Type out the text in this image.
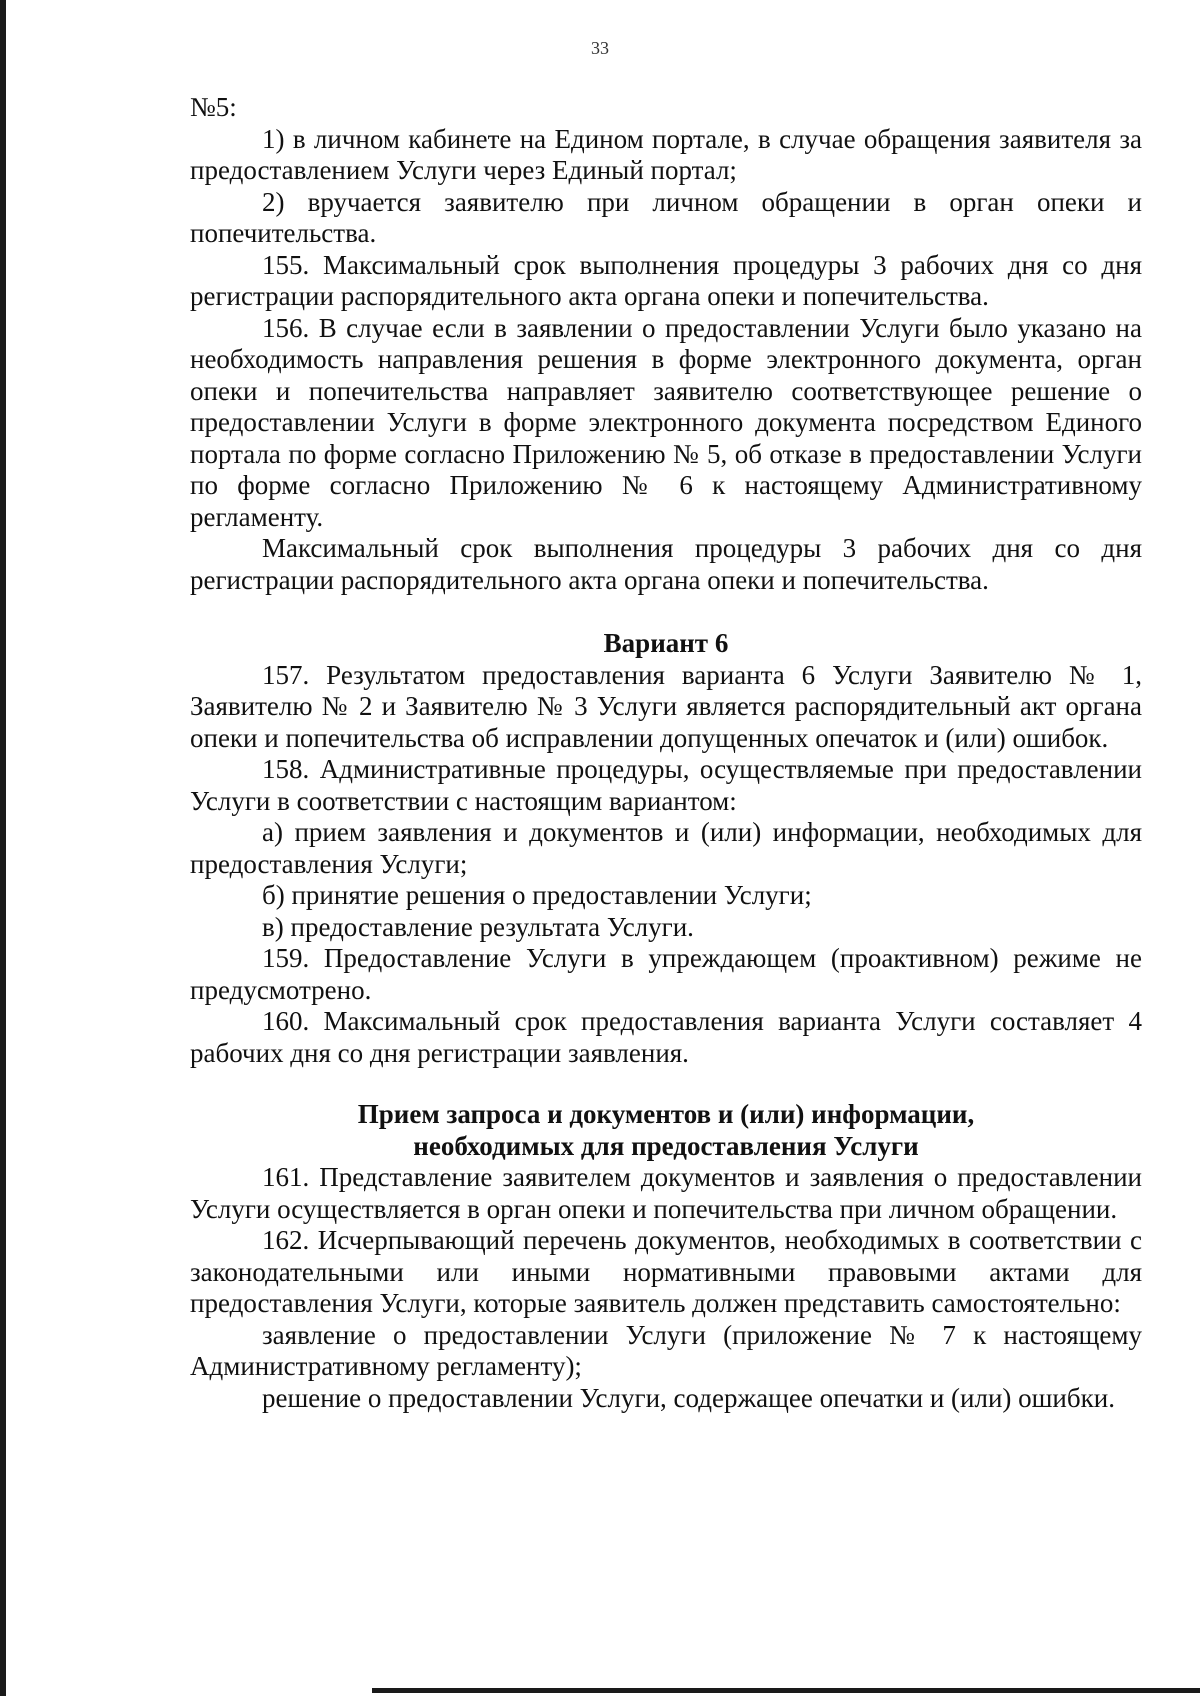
33

№5:

1) в личном кабинете на Едином портале, в случае обращения заявителя за предоставлением Услуги через Единый портал;

2) вручается заявителю при личном обращении в орган опеки и попечительства.

155. Максимальный срок выполнения процедуры 3 рабочих дня со дня регистрации распорядительного акта органа опеки и попечительства.

156. В случае если в заявлении о предоставлении Услуги было указано на необходимость направления решения в форме электронного документа, орган опеки и попечительства направляет заявителю соответствующее решение о предоставлении Услуги в форме электронного документа посредством Единого портала по форме согласно Приложению № 5, об отказе в предоставлении Услуги по форме согласно Приложению № 6 к настоящему Административному регламенту.

Максимальный срок выполнения процедуры 3 рабочих дня со дня регистрации распорядительного акта органа опеки и попечительства.

Вариант 6

157. Результатом предоставления варианта 6 Услуги Заявителю № 1, Заявителю № 2 и Заявителю № 3 Услуги является распорядительный акт органа опеки и попечительства об исправлении допущенных опечаток и (или) ошибок.

158. Административные процедуры, осуществляемые при предоставлении Услуги в соответствии с настоящим вариантом:

а) прием заявления и документов и (или) информации, необходимых для предоставления Услуги;

б) принятие решения о предоставлении Услуги;

в) предоставление результата Услуги.

159. Предоставление Услуги в упреждающем (проактивном) режиме не предусмотрено.

160. Максимальный срок предоставления варианта Услуги составляет 4 рабочих дня со дня регистрации заявления.

Прием запроса и документов и (или) информации,
необходимых для предоставления Услуги

161. Представление заявителем документов и заявления о предоставлении Услуги осуществляется в орган опеки и попечительства при личном обращении.

162. Исчерпывающий перечень документов, необходимых в соответствии с законодательными или иными нормативными правовыми актами для предоставления Услуги, которые заявитель должен представить самостоятельно:

заявление о предоставлении Услуги (приложение № 7 к настоящему Административному регламенту);

решение о предоставлении Услуги, содержащее опечатки и (или) ошибки.
